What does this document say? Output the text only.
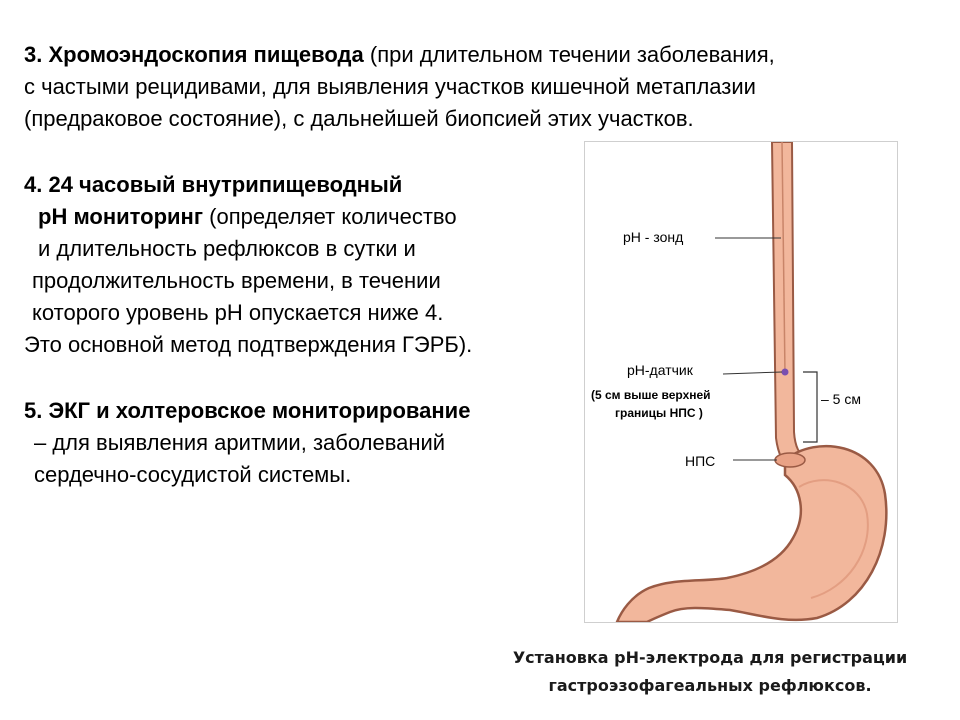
3. Хромоэндоскопия пищевода (при длительном течении заболевания,
с частыми рецидивами, для выявления участков кишечной метаплазии
(предраковое состояние), с дальнейшей биопсией этих участков.
4. 24 часовый внутрипищеводный
pH мониторинг (определяет количество
и длительность рефлюксов в сутки и
продолжительность времени, в течении
которого уровень рН опускается ниже 4.
Это основной метод подтверждения ГЭРБ).
5. ЭКГ и холтеровское мониторирование
– для выявления аритмии, заболеваний
сердечно-сосудистой системы.
рН - зонд
рН-датчик
(5 см выше верхней
границы НПС )
– 5 см
НПС
Установка рН-электрода для регистрации
гастроэзофагеальных рефлюксов.
